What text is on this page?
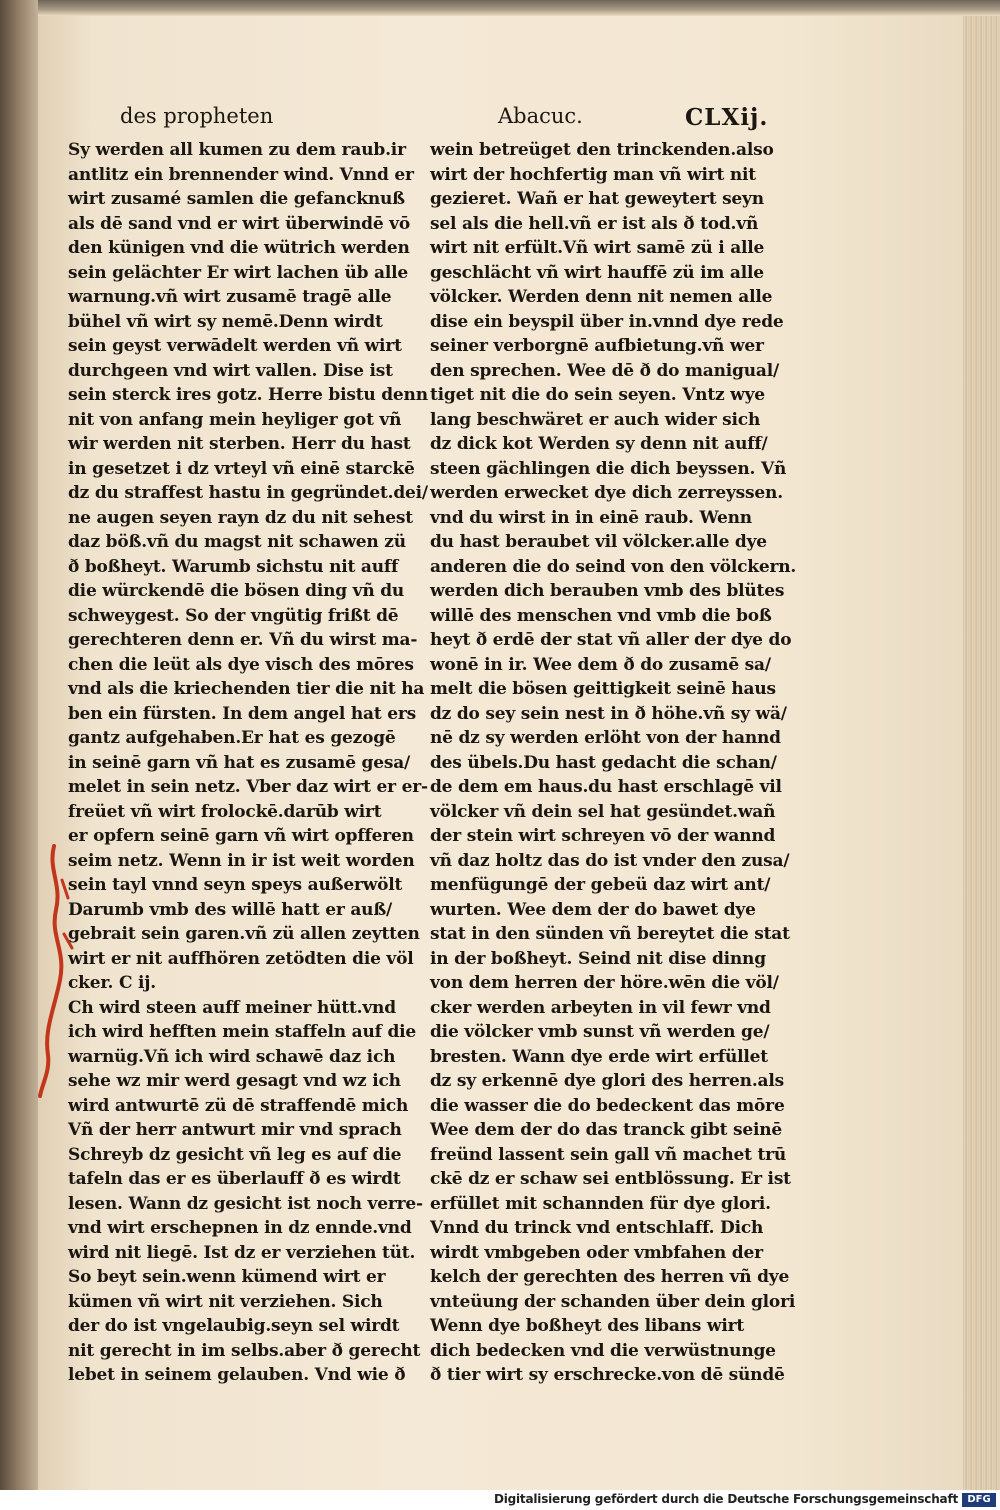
des propheten	Abacuc.	CLXij.
Sy werden all kumen zu dem raub.ir
antlitz ein brennender wind. Vnnd er
wirt zusamé samlen die gefancknuß
als dē sand vnd er wirt überwindē vō
den künigen vnd die wütrich werden
sein gelächter Er wirt lachen üb alle
warnung.vñ wirt zusamē tragē alle
bühel vñ wirt sy nemē.Denn wirdt
sein geyst verwādelt werden vñ wirt
durchgeen vnd wirt vallen. Dise ist
sein sterck ires gotz. Herre bistu denn
nit von anfang mein heyliger got vñ
wir werden nit sterben. Herr du hast
in gesetzet i dz vrteyl vñ einē starckē
dz du straffest hastu in gegründet.dei/
ne augen seyen rayn dz du nit sehest
daz böß.vñ du magst nit schawen zü
ð boßheyt. Warumb sichstu nit auff
die würckendē die bösen ding vñ du
schweygest. So der vngütig frißt dē
gerechteren denn er. Vñ du wirst ma-
chen die leüt als dye visch des mōres
vnd als die kriechenden tier die nit ha
ben ein fürsten. In dem angel hat ers
gantz aufgehaben.Er hat es gezogē
in seinē garn vñ hat es zusamē gesa/
melet in sein netz. Vber daz wirt er er-
freüet vñ wirt frolockē.darūb wirt
er opfern seinē garn vñ wirt opfferen
seim netz. Wenn in ir ist weit worden
sein tayl vnnd seyn speys außerwölt
Darumb vmb des willē hatt er auß/
gebrait sein garen.vñ zü allen zeytten
wirt er nit auffhören zetödten die völ
cker. C ij.
Ch wird steen auff meiner hütt.vnd
ich wird hefften mein staffeln auf die
warnüg.Vñ ich wird schawē daz ich
sehe wz mir werd gesagt vnd wz ich
wird antwurtē zü dē straffendē mich
Vñ der herr antwurt mir vnd sprach
Schreyb dz gesicht vñ leg es auf die
tafeln das er es überlauff ð es wirdt
lesen. Wann dz gesicht ist noch verre-
vnd wirt erschepnen in dz ennde.vnd
wird nit liegē. Ist dz er verziehen tüt.
So beyt sein.wenn kümend wirt er
kümen vñ wirt nit verziehen. Sich
der do ist vngelaubig.seyn sel wirdt
nit gerecht in im selbs.aber ð gerecht
lebet in seinem gelauben. Vnd wie ð
wein betreüget den trinckenden.also
wirt der hochfertig man vñ wirt nit
gezieret. Wañ er hat geweytert seyn
sel als die hell.vñ er ist als ð tod.vñ
wirt nit erfült.Vñ wirt samē zü i alle
geschlächt vñ wirt hauffē zü im alle
völcker. Werden denn nit nemen alle
dise ein beyspil über in.vnnd dye rede
seiner verborgnē aufbietung.vñ wer
den sprechen. Wee dē ð do manigual/
tiget nit die do sein seyen. Vntz wye
lang beschwäret er auch wider sich
dz dick kot Werden sy denn nit auff/
steen gächlingen die dich beyssen. Vñ
werden erwecket dye dich zerreyssen.
vnd du wirst in in einē raub. Wenn
du hast beraubet vil völcker.alle dye
anderen die do seind von den völckern.
werden dich berauben vmb des blütes
willē des menschen vnd vmb die boß
heyt ð erdē der stat vñ aller der dye do
wonē in ir. Wee dem ð do zusamē sa/
melt die bösen geittigkeit seinē haus
dz do sey sein nest in ð höhe.vñ sy wä/
nē dz sy werden erlöht von der hannd
des übels.Du hast gedacht die schan/
de dem em haus.du hast erschlagē vil
völcker vñ dein sel hat gesündet.wañ
der stein wirt schreyen vō der wannd
vñ daz holtz das do ist vnder den zusa/
menfügungē der gebeü daz wirt ant/
wurten. Wee dem der do bawet dye
stat in den sünden vñ bereytet die stat
in der boßheyt. Seind nit dise dinng
von dem herren der höre.wēn die völ/
cker werden arbeyten in vil fewr vnd
die völcker vmb sunst vñ werden ge/
bresten. Wann dye erde wirt erfüllet
dz sy erkennē dye glori des herren.als
die wasser die do bedeckent das mōre
Wee dem der do das tranck gibt seinē
freünd lassent sein gall vñ machet trū
ckē dz er schaw sei entblössung. Er ist
erfüllet mit schannden für dye glori.
Vnnd du trinck vnd entschlaff. Dich
wirdt vmbgeben oder vmbfahen der
kelch der gerechten des herren vñ dye
vnteüung der schanden über dein glori
Wenn dye boßheyt des libans wirt
dich bedecken vnd die verwüstnunge
ð tier wirt sy erschrecke.von dē sündē
Digitalisierung gefördert durch die Deutsche Forschungsgemeinschaft DFG
